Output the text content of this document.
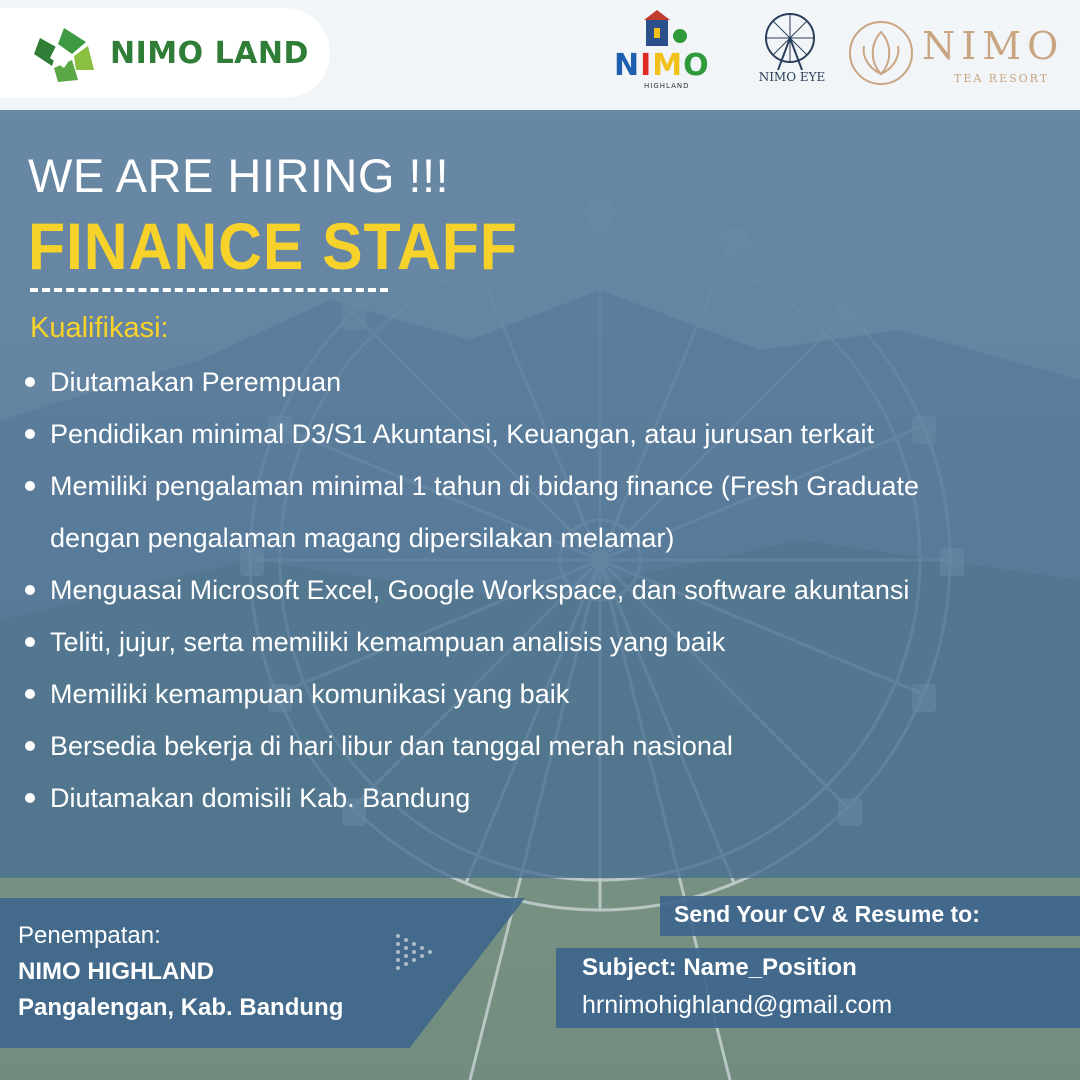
NIMO LAND	NIMO
HIGHLAND
NIMO EYE
NIMO
TEA RESORT
WE ARE HIRING !!!
FINANCE STAFF
Kualifikasi:
Diutamakan Perempuan
Pendidikan minimal D3/S1 Akuntansi, Keuangan, atau jurusan terkait
Memiliki pengalaman minimal 1 tahun di bidang finance (Fresh Graduate dengan pengalaman magang dipersilakan melamar)
Menguasai Microsoft Excel, Google Workspace, dan software akuntansi
Teliti, jujur, serta memiliki kemampuan analisis yang baik
Memiliki kemampuan komunikasi yang baik
Bersedia bekerja di hari libur dan tanggal merah nasional
Diutamakan domisili Kab. Bandung
Penempatan:
NIMO HIGHLAND
Pangalengan, Kab. Bandung
Send Your CV & Resume to:
Subject: Name_Position
hrnimohighland@gmail.com
